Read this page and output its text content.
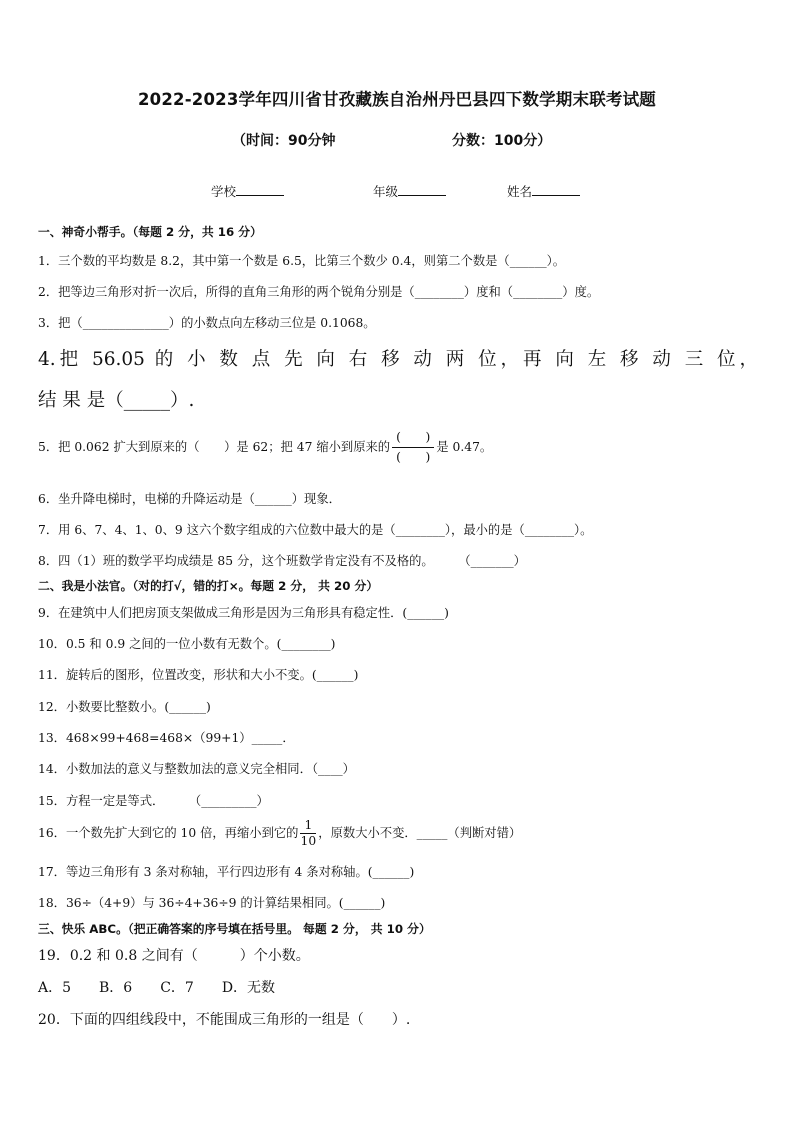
2022-2023学年四川省甘孜藏族自治州丹巴县四下数学期末联考试题
（时间：90分钟	分数：100分）
学校	年级	姓名
一、神奇小帮手。（每题 2 分，共 16 分）
1．三个数的平均数是 8.2，其中第一个数是 6.5，比第三个数少 0.4，则第二个数是（______）。
2．把等边三角形对折一次后，所得的直角三角形的两个锐角分别是（________）度和（________）度。
3．把（______________）的小数点向左移动三位是 0.1068。
4.把 56.05 的 小 数 点 先 向 右 移 动 两 位，再 向 左 移 动 三 位，
结 果 是（_____）.
5．把 0.062 扩大到原来的（　　）是 62；把 47 缩小到原来的 $\frac{( )}{( )}$ 是 0.47。
6．坐升降电梯时，电梯的升降运动是（______）现象．
7．用 6、7、4、1、0、9 这六个数字组成的六位数中最大的是（________），最小的是（________）。
8．四（1）班的数学平均成绩是 85 分，这个班数学肯定没有不及格的。　　　（_______）
二、我是小法官。（对的打√，错的打×。每题 2 分， 共 20 分）
9．在建筑中人们把房顶支架做成三角形是因为三角形具有稳定性．(______)
10．0.5 和 0.9 之间的一位小数有无数个。(________)
11．旋转后的图形，位置改变，形状和大小不变。(______)
12．小数要比整数小。(______)
13．468×99+468=468×（99+1）_____．
14．小数加法的意义与整数加法的意义完全相同．（____）
15．方程一定是等式．　　　（_________）
16．一个数先扩大到它的 10 倍，再缩小到它的 $\frac{1}{10}$ ，原数大小不变．_____（判断对错）
17．等边三角形有 3 条对称轴，平行四边形有 4 条对称轴。(______)
18．36÷（4+9）与 36÷4+36÷9 的计算结果相同。(______)
三、快乐 ABC。（把正确答案的序号填在括号里。 每题 2 分， 共 10 分）
19．0.2 和 0.8 之间有（　　　）个小数。
A．5　　B．6　　C．7　　D．无数
20．下面的四组线段中，不能围成三角形的一组是（　　）.
